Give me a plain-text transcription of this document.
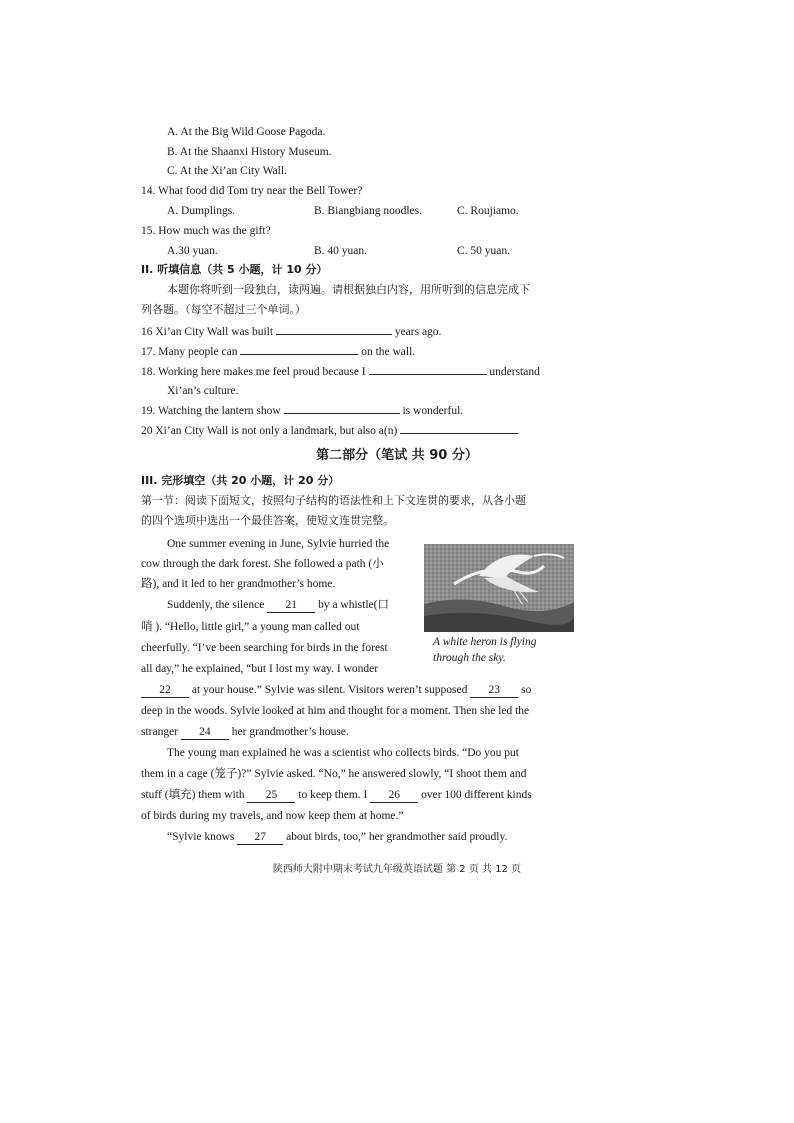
A. At the Big Wild Goose Pagoda.
B. At the Shaanxi History Museum.
C. At the Xi’an City Wall.
14. What food did Tom try near the Bell Tower?
A. Dumplings.	B. Biangbiang noodles.	C. Roujiamo.
15. How much was the gift?
A.30 yuan.	B. 40 yuan.	C. 50 yuan.
II. 听填信息（共 5 小题，计 10 分）
本题你将听到一段独白，读两遍。请根据独白内容，用所听到的信息完成下
列各题。（每空不超过三个单词。）
16 Xi’an City Wall was built	years ago.
17. Many people can	on the wall.
18. Working here makes me feel proud because I	understand
Xi’an’s culture.
19. Watching the lantern show	is wonderful.
20 Xi’an City Wall is not only a landmark, but also a(n)
第二部分（笔试 共 90 分）
III. 完形填空（共 20 小题，计 20 分）
第一节：阅读下面短文，按照句子结构的语法性和上下文连贯的要求，从各小题
的四个选项中选出一个最佳答案，使短文连贯完整。
One summer evening in June, Sylvie hurried the
cow through the dark forest. She followed a path (小
路), and it led to her grandmother’s home.
Suddenly, the silence 21 by a whistle(口
哨 ). “Hello, little girl,” a young man called out
cheerfully. “I’ve been searching for birds in the forest
all day,” he explained, “but I lost my way. I wonder
22 at your house.” Sylvie was silent. Visitors weren’t supposed 23 so
deep in the woods. Sylvie looked at him and thought for a moment. Then she led the
stranger 24 her grandmother’s house.
The young man explained he was a scientist who collects birds. “Do you put
them in a cage (笼子)?” Sylvie asked. “No,” he answered slowly, “I shoot them and
stuff (填充) them with 25 to keep them. I 26 over 100 different kinds
of birds during my travels, and now keep them at home.”
“Sylvie knows 27 about birds, too,” her grandmother said proudly.
A white heron is flying through the sky.
陕西师大附中期末考试九年级英语试题 第 2 页 共 12 页
